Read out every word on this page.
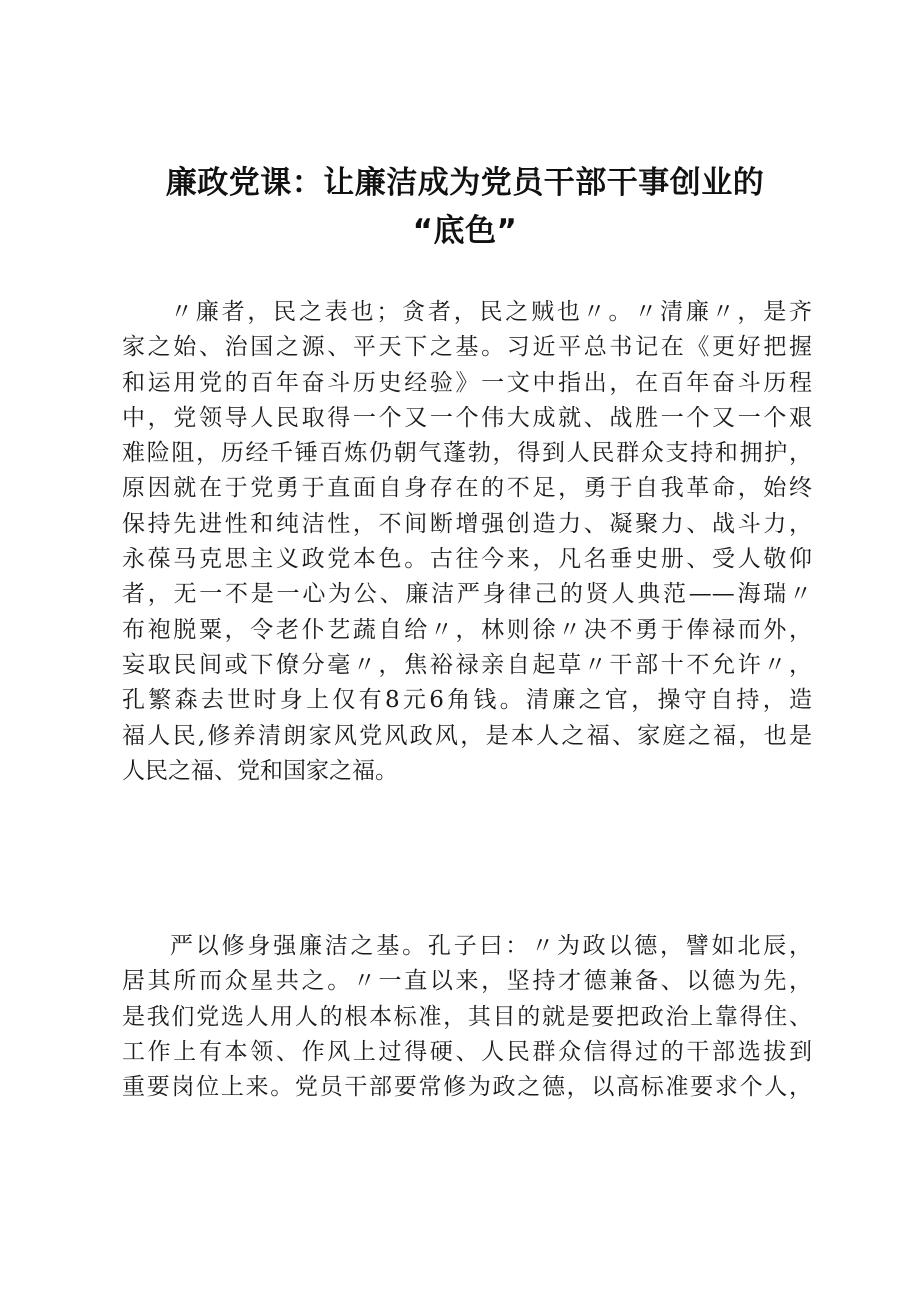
廉政党课：让廉洁成为党员干部干事创业的
“底色”
〃廉者，民之表也；贪者，民之贼也〃。〃清廉〃，是齐
家之始、治国之源、平天下之基。习近平总书记在《更好把握
和运用党的百年奋斗历史经验》一文中指出，在百年奋斗历程
中，党领导人民取得一个又一个伟大成就、战胜一个又一个艰
难险阻，历经千锤百炼仍朝气蓬勃，得到人民群众支持和拥护，
原因就在于党勇于直面自身存在的不足，勇于自我革命，始终
保持先进性和纯洁性，不间断增强创造力、凝聚力、战斗力，
永葆马克思主义政党本色。古往今来，凡名垂史册、受人敬仰
者，无一不是一心为公、廉洁严身律己的贤人典范——海瑞〃
布袍脱粟，令老仆艺蔬自给〃，林则徐〃决不勇于俸禄而外，
妄取民间或下僚分毫〃，焦裕禄亲自起草〃干部十不允许〃，
孔繁森去世时身上仅有8元6角钱。清廉之官，操守自持，造
福人民,修养清朗家风党风政风，是本人之福、家庭之福，也是
人民之福、党和国家之福。
严以修身强廉洁之基。孔子曰：〃为政以德，譬如北辰，
居其所而众星共之。〃一直以来，坚持才德兼备、以德为先，
是我们党选人用人的根本标准，其目的就是要把政治上靠得住、
工作上有本领、作风上过得硬、人民群众信得过的干部选拔到
重要岗位上来。党员干部要常修为政之德，以高标准要求个人，
